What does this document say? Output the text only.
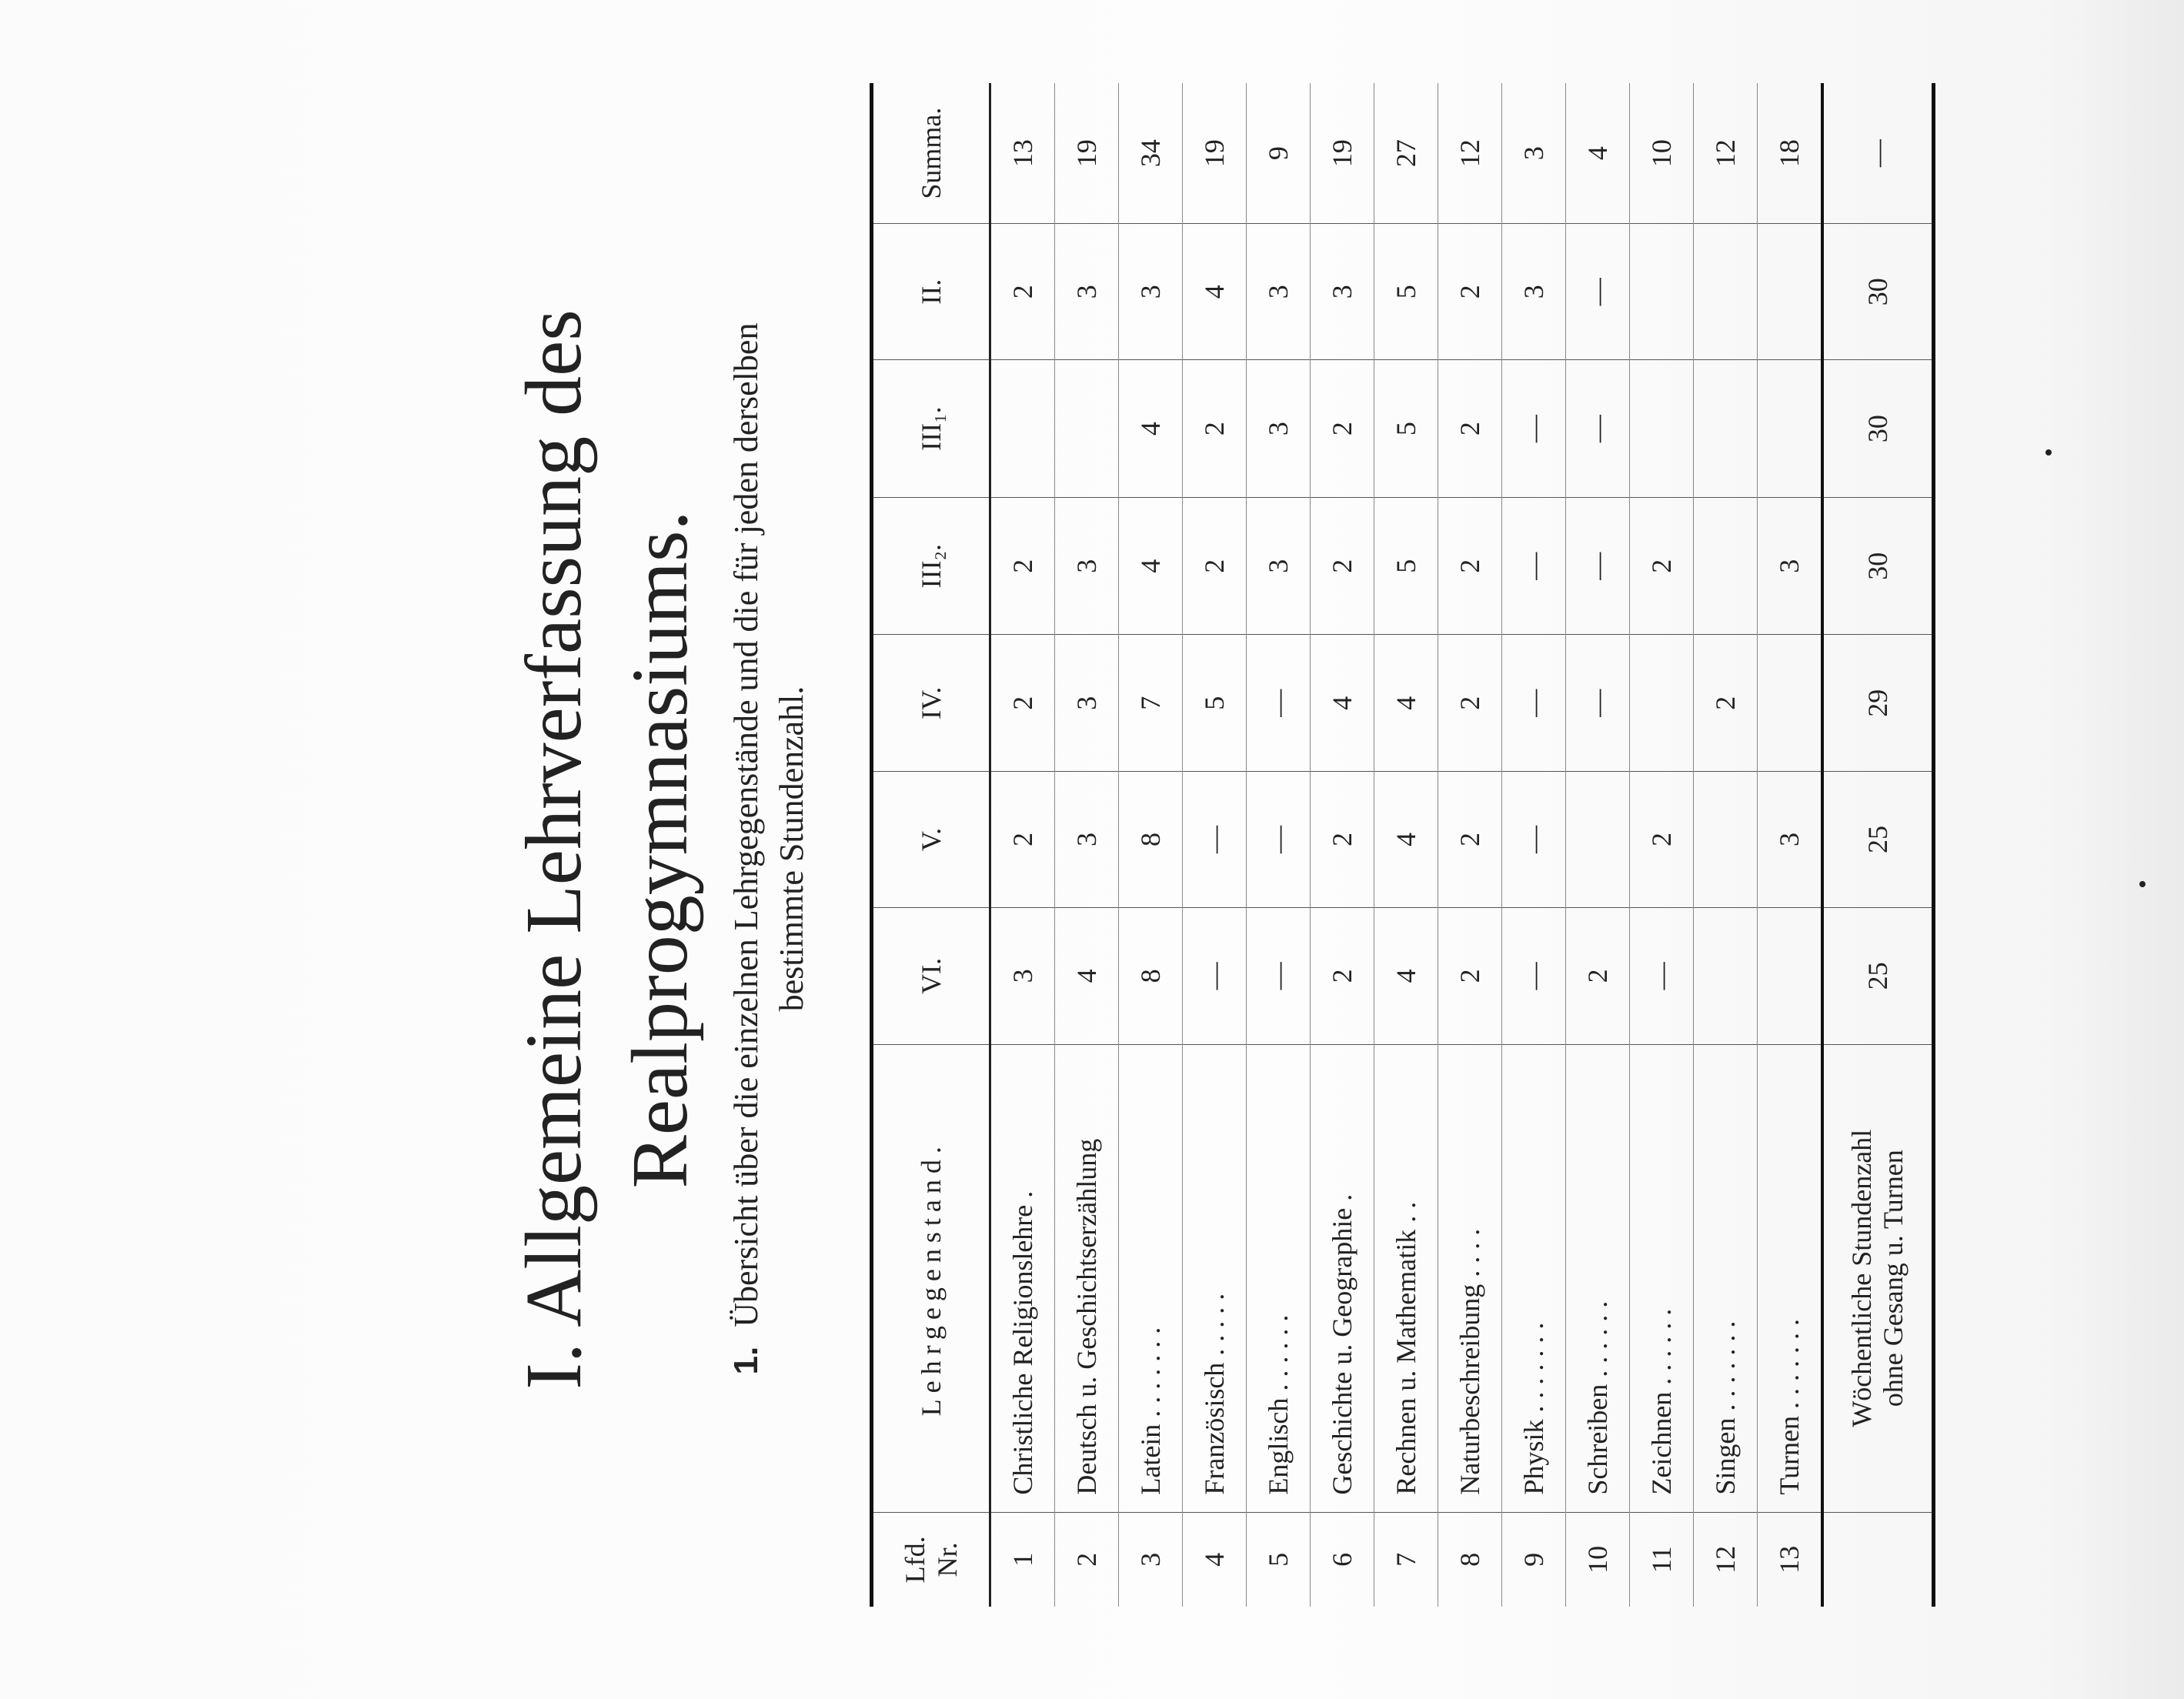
I. Allgemeine Lehrverfassung des Realprogymnasiums.
1. Übersicht über die einzelnen Lehrgegenstände und die für jeden derselben bestimmte Stundenzahl.
Lfd. Nr.	Lehrgegenstand.	VI.	V.	IV.	III₂.	III₁.	II.	Summa.
1	Christliche Religionslehre .	3	2	2	2		2	13
2	Deutsch u. Geschichtserzählung	4	3	3	3		3	19
3	Latein . . . . . . .	8	8	7	4	4	3	34
4	Französisch . . . . .	—	—	5	2	2	4	19
5	Englisch . . . . . .	—	—	—	3	3	3	9
6	Geschichte u. Geographie .	2	2	4	2	2	3	19
7	Rechnen u. Mathematik . .	4	4	4	5	5	5	27
8	Naturbeschreibung . . . .	2	2	2	2	2	2	12
9	Physik . . . . . . .	—	—	—	—	—	3	3
10	Schreiben . . . . . .	2		—	—	—	—	4
11	Zeichnen . . . . . .	—	2		2			10
12	Singen . . . . . . .			2				12
13	Turnen . . . . . . .		3		3			18

	Wöchentliche Stundenzahl ohne Gesang u. Turnen	25	25	29	30	30	30	—
